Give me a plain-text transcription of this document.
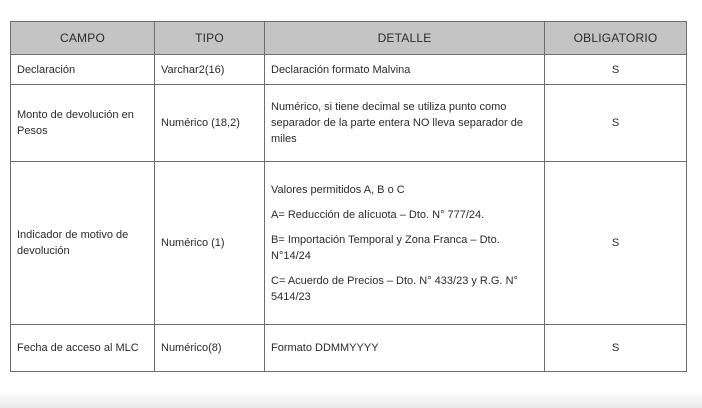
CAMPO	TIPO	DETALLE	OBLIGATORIO
Declaración	Varchar2(16)	Declaración formato Malvina	S
Monto de devolución en Pesos	Numérico (18,2)	Numérico, si tiene decimal se utiliza punto como separador de la parte entera NO lleva separador de miles	S
Indicador de motivo de devolución	Numérico (1)	Valores permitidos A, B o C

A= Reducción de alícuota – Dto. N° 777/24.

B= Importación Temporal y Zona Franca – Dto. N°14/24

C= Acuerdo de Precios – Dto. N° 433/23 y R.G. N° 5414/23	S
Fecha de acceso al MLC	Numérico(8)	Formato DDMMYYYY	S
